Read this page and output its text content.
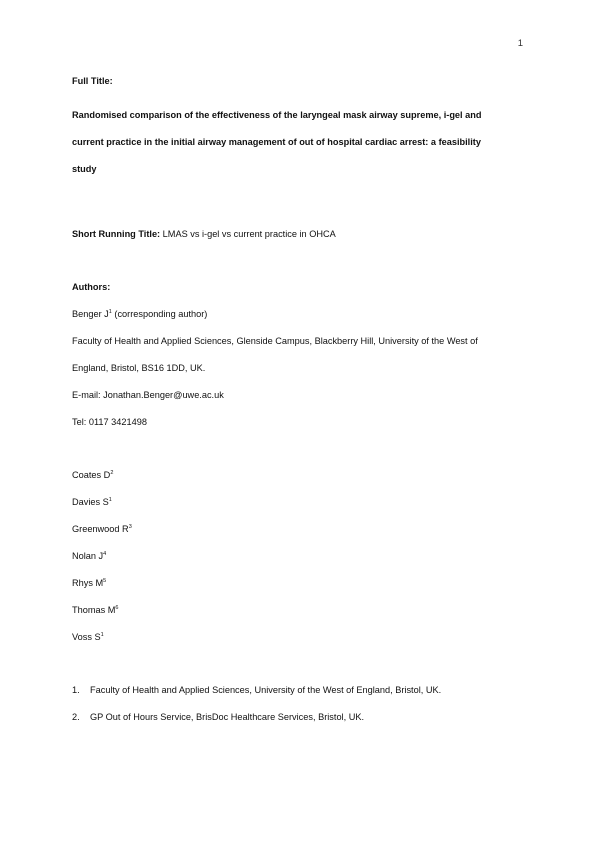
1
Full Title:
Randomised comparison of the effectiveness of the laryngeal mask airway supreme, i-gel and
current practice in the initial airway management of out of hospital cardiac arrest: a feasibility
study
Short Running Title: LMAS vs i-gel vs current practice in OHCA
Authors:
Benger $J^1$ (corresponding author)
Faculty of Health and Applied Sciences, Glenside Campus, Blackberry Hill, University of the West of
England, Bristol, BS16 1DD, UK.
E-mail: Jonathan.Benger@uwe.ac.uk
Tel: 0117 3421498
Coates $D^2$
Davies $S^1$
Greenwood $R^3$
Nolan $J^4$
Rhys $M^5$
Thomas $M^6$
Voss $S^1$
1. Faculty of Health and Applied Sciences, University of the West of England, Bristol, UK.
2. GP Out of Hours Service, BrisDoc Healthcare Services, Bristol, UK.
